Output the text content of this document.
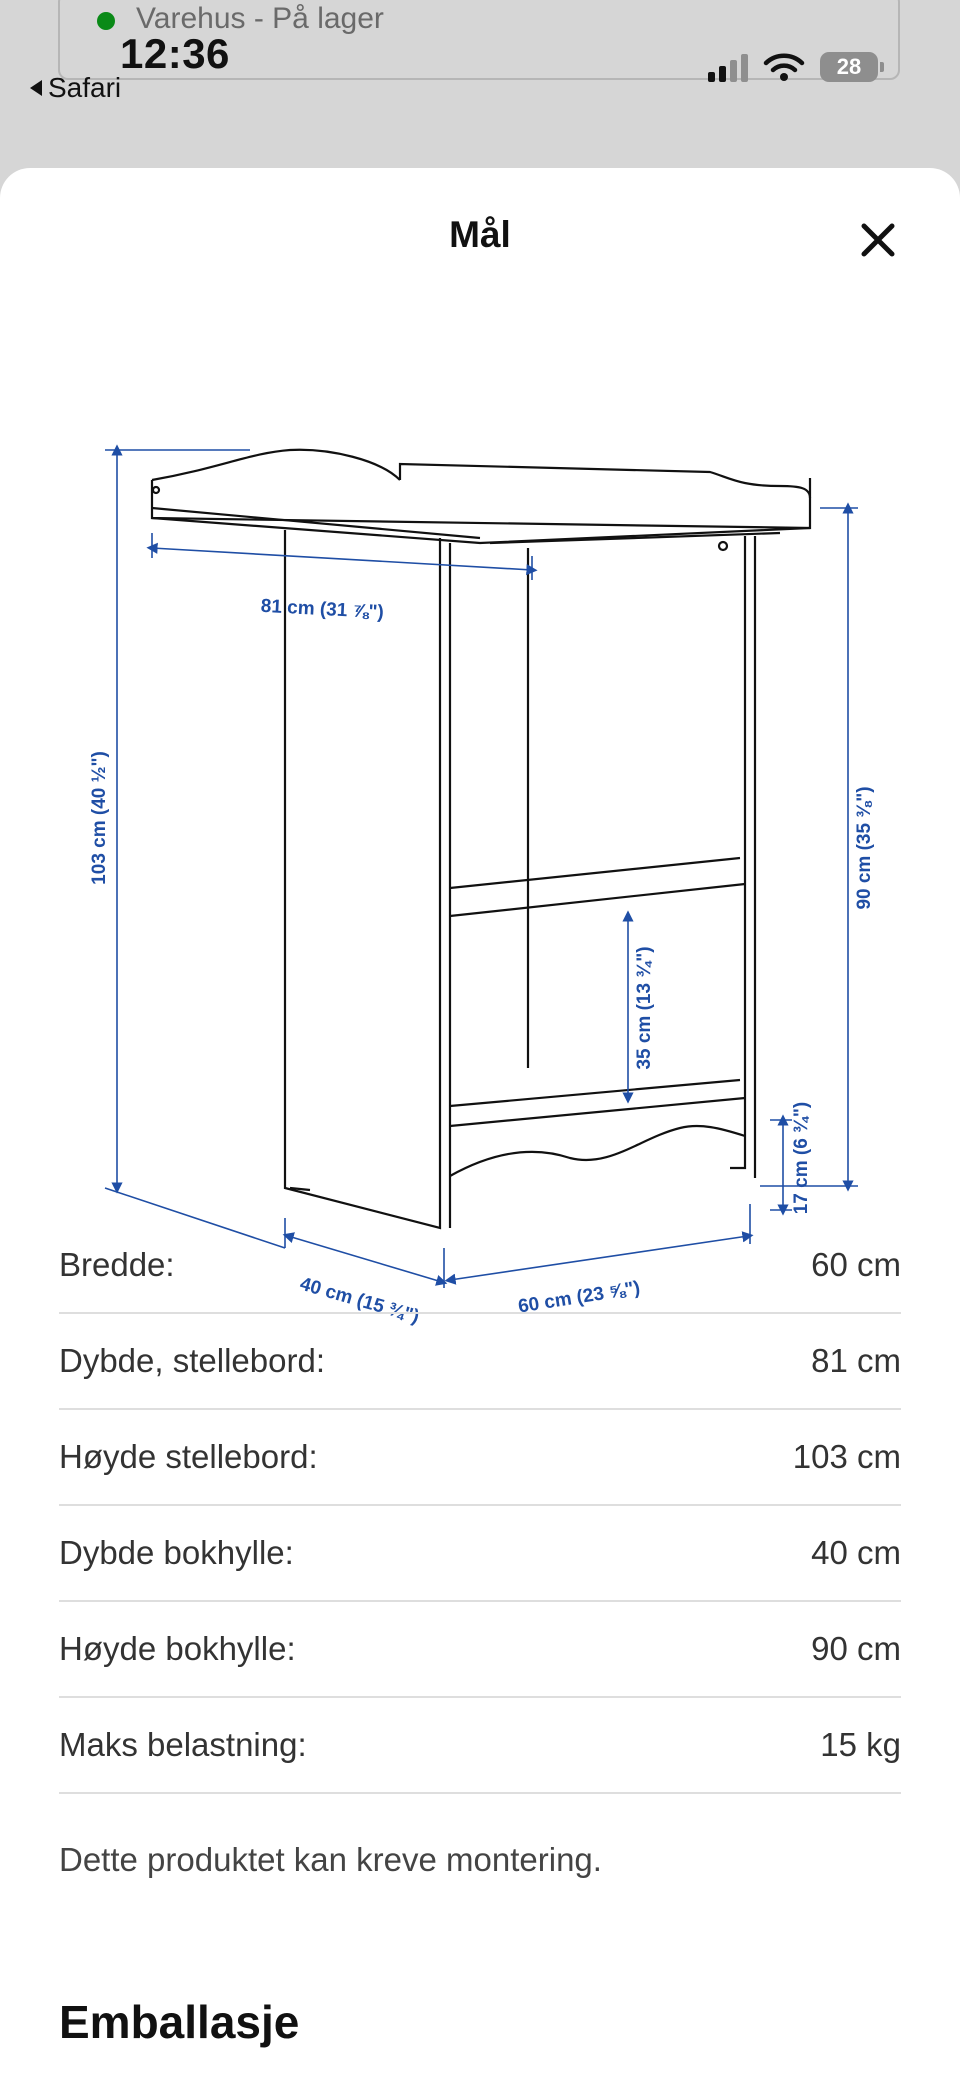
Varehus - På lager
12:36
Safari
28
Mål
81 cm (31 ⅞")
103 cm (40 ½")	90 cm (35 ⅜")
35 cm (13 ¾")
17 cm (6 ¾")
40 cm (15 ¾")	60 cm (23 ⅝")
Bredde:	60 cm
Dybde, stellebord:	81 cm
Høyde stellebord:	103 cm
Dybde bokhylle:	40 cm
Høyde bokhylle:	90 cm
Maks belastning:	15 kg
Dette produktet kan kreve montering.
Emballasje
